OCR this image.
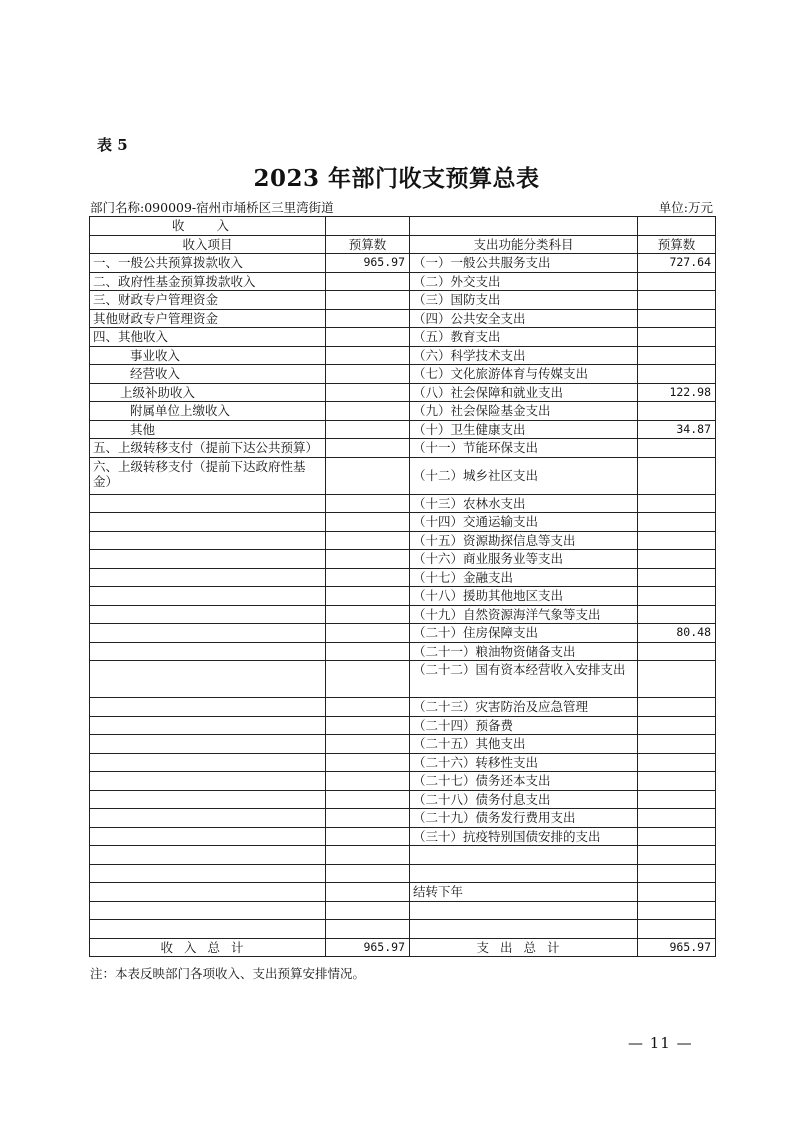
表 5
2023 年部门收支预算总表
部门名称:090009-宿州市埇桥区三里湾街道	单位:万元
收 入			
收入项目	预算数	支出功能分类科目	预算数
一、一般公共预算拨款收入	965.97	（一）一般公共服务支出	727.64
二、政府性基金预算拨款收入		（二）外交支出	
三、财政专户管理资金		（三）国防支出	
其他财政专户管理资金		（四）公共安全支出	
四、其他收入		（五）教育支出	
事业收入		（六）科学技术支出	
经营收入		（七）文化旅游体育与传媒支出	
上级补助收入		（八）社会保障和就业支出	122.98
附属单位上缴收入		（九）社会保险基金支出	
其他		（十）卫生健康支出	34.87
五、上级转移支付（提前下达公共预算）		（十一）节能环保支出	
六、上级转移支付（提前下达政府性基金）		（十二）城乡社区支出	
		（十三）农林水支出	
		（十四）交通运输支出	
		（十五）资源勘探信息等支出	
		（十六）商业服务业等支出	
		（十七）金融支出	
		（十八）援助其他地区支出	
		（十九）自然资源海洋气象等支出	
		（二十）住房保障支出	80.48
		（二十一）粮油物资储备支出	
		（二十二）国有资本经营收入安排支出	
		（二十三）灾害防治及应急管理	
		（二十四）预备费	
		（二十五）其他支出	
		（二十六）转移性支出	
		（二十七）债务还本支出	
		（二十八）债务付息支出	
		（二十九）债务发行费用支出	
		（三十）抗疫特别国债安排的支出	

		结转下年	

收入总计	965.97	支出总计	965.97
注：本表反映部门各项收入、支出预算安排情况。
— 11 —
